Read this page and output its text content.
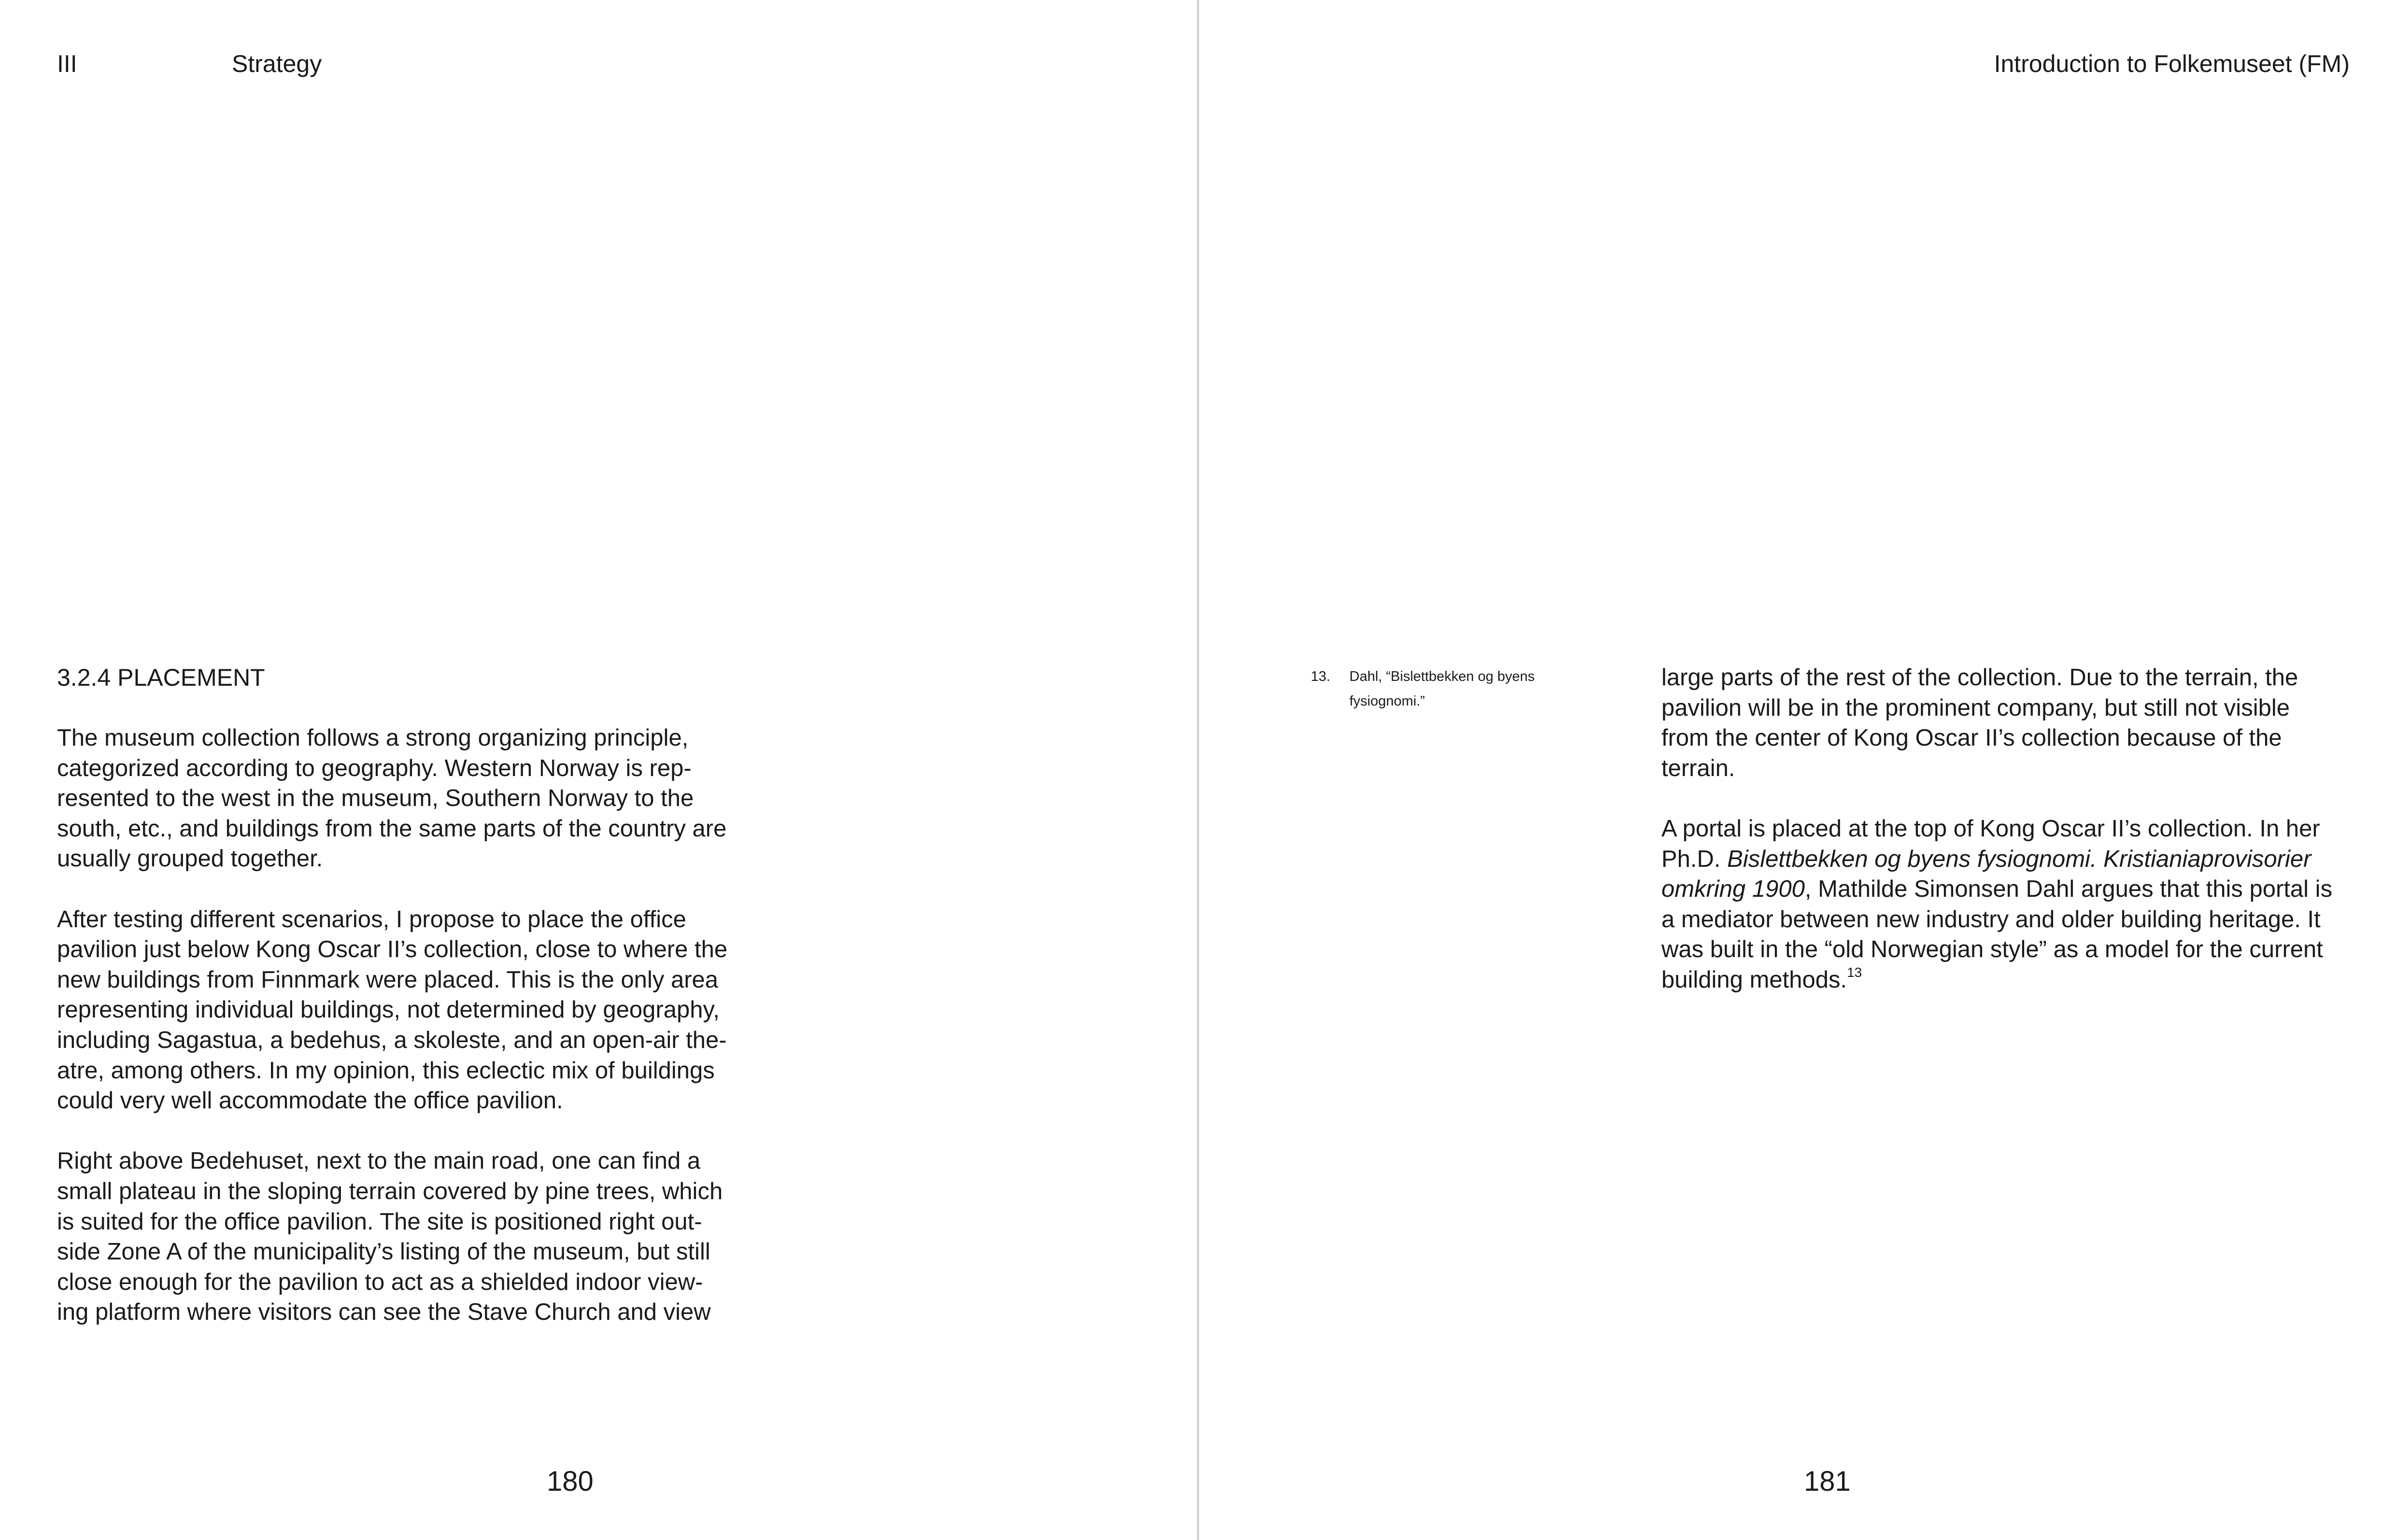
III	Strategy
3.2.4 PLACEMENT

The museum collection follows a strong organizing principle,
categorized according to geography. Western Norway is rep-
resented to the west in the museum, Southern Norway to the
south, etc., and buildings from the same parts of the country are
usually grouped together.

After testing different scenarios, I propose to place the office
pavilion just below Kong Oscar II’s collection, close to where the
new buildings from Finnmark were placed. This is the only area
representing individual buildings, not determined by geography,
including Sagastua, a bedehus, a skoleste, and an open-air the-
atre, among others. In my opinion, this eclectic mix of buildings
could very well accommodate the office pavilion.

Right above Bedehuset, next to the main road, one can find a
small plateau in the sloping terrain covered by pine trees, which
is suited for the office pavilion. The site is positioned right out-
side Zone A of the municipality’s listing of the museum, but still
close enough for the pavilion to act as a shielded indoor view-
ing platform where visitors can see the Stave Church and view

180
Introduction to Folkemuseet (FM)
13. Dahl, “Bislettbekken og byens
fysiognomi.”

large parts of the rest of the collection. Due to the terrain, the
pavilion will be in the prominent company, but still not visible
from the center of Kong Oscar II’s collection because of the
terrain.

A portal is placed at the top of Kong Oscar II’s collection. In her
Ph.D. Bislettbekken og byens fysiognomi. Kristianiaprovisorier
omkring 1900, Mathilde Simonsen Dahl argues that this portal is
a mediator between new industry and older building heritage. It
was built in the “old Norwegian style” as a model for the current
building methods.$^{13}$

181
